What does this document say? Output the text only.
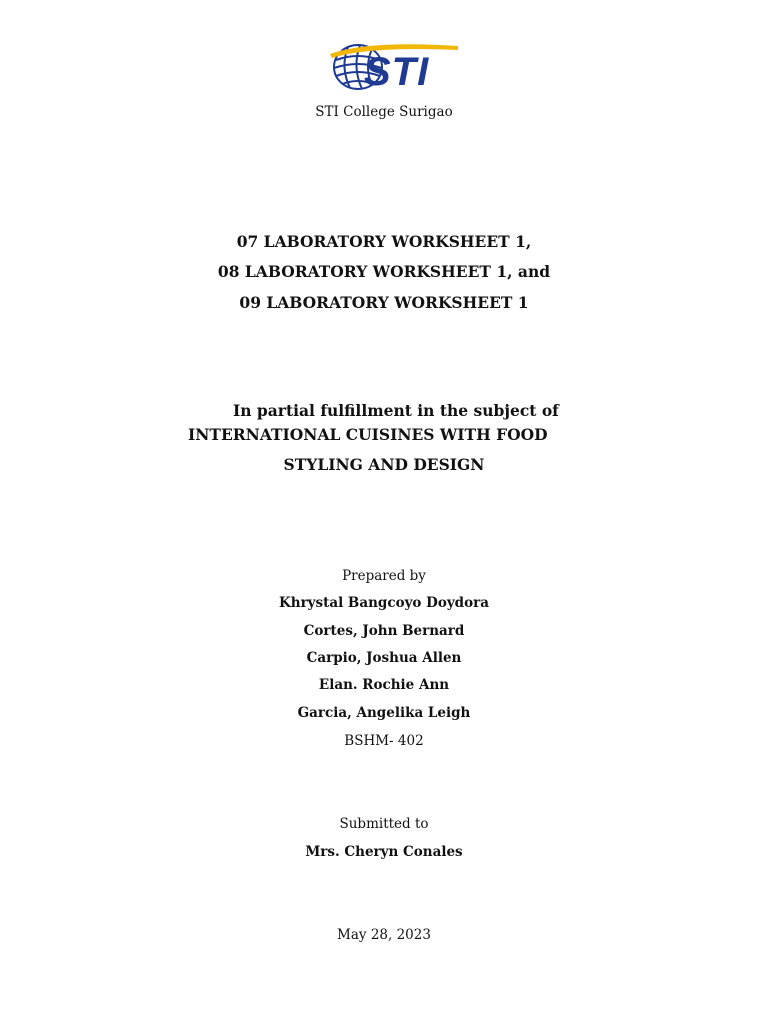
STI
STI College Surigao
07 LABORATORY WORKSHEET 1,
08 LABORATORY WORKSHEET 1, and
09 LABORATORY WORKSHEET 1
In partial fulfillment in the subject of
INTERNATIONAL CUISINES WITH FOOD
STYLING AND DESIGN
Prepared by
Khrystal Bangcoyo Doydora
Cortes, John Bernard
Carpio, Joshua Allen
Elan. Rochie Ann
Garcia, Angelika Leigh
BSHM- 402
Submitted to
Mrs. Cheryn Conales
May 28, 2023
